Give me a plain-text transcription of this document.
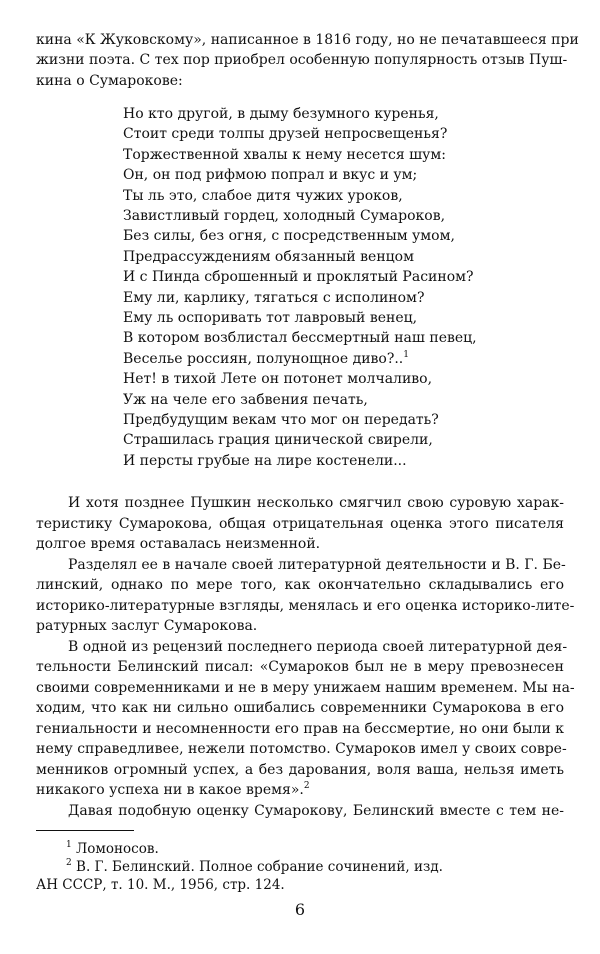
кина «К Жуковскому», написанное в 1816 году, но не печатавшееся при
жизни поэта. С тех пор приобрел особенную популярность отзыв Пуш-
кина о Сумарокове:
Но кто другой, в дыму безумного куренья,
Стоит среди толпы друзей непросвещенья?
Торжественной хвалы к нему несется шум:
Он, он под рифмою попрал и вкус и ум;
Ты ль это, слабое дитя чужих уроков,
Завистливый гордец, холодный Сумароков,
Без силы, без огня, с посредственным умом,
Предрассуждениям обязанный венцом
И с Пинда сброшенный и проклятый Расином?
Ему ли, карлику, тягаться с исполином?
Ему ль оспоривать тот лавровый венец,
В котором возблистал бессмертный наш певец,
Веселье россиян, полунощное диво?..$^1$
Нет! в тихой Лете он потонет молчаливо,
Уж на челе его забвения печать,
Предбудущим векам что мог он передать?
Страшилась грация цинической свирели,
И персты грубые на лире костенели...
И хотя позднее Пушкин несколько смягчил свою суровую харак-
теристику Сумарокова, общая отрицательная оценка этого писателя
долгое время оставалась неизменной.
Разделял ее в начале своей литературной деятельности и В. Г. Бе-
линский, однако по мере того, как окончательно складывались его
историко-литературные взгляды, менялась и его оценка историко-лите-
ратурных заслуг Сумарокова.
В одной из рецензий последнего периода своей литературной дея-
тельности Белинский писал: «Сумароков был не в меру превознесен
своими современниками и не в меру унижаем нашим временем. Мы на-
ходим, что как ни сильно ошибались современники Сумарокова в его
гениальности и несомненности его прав на бессмертие, но они были к
нему справедливее, нежели потомство. Сумароков имел у своих совре-
менников огромный успех, а без дарования, воля ваша, нельзя иметь
никакого успеха ни в какое время».$^2$
Давая подобную оценку Сумарокову, Белинский вместе с тем не-
$^1$ Ломоносов.
$^2$ В. Г. Белинский. Полное собрание сочинений, изд.
АН СССР, т. 10. М., 1956, стр. 124.
6
